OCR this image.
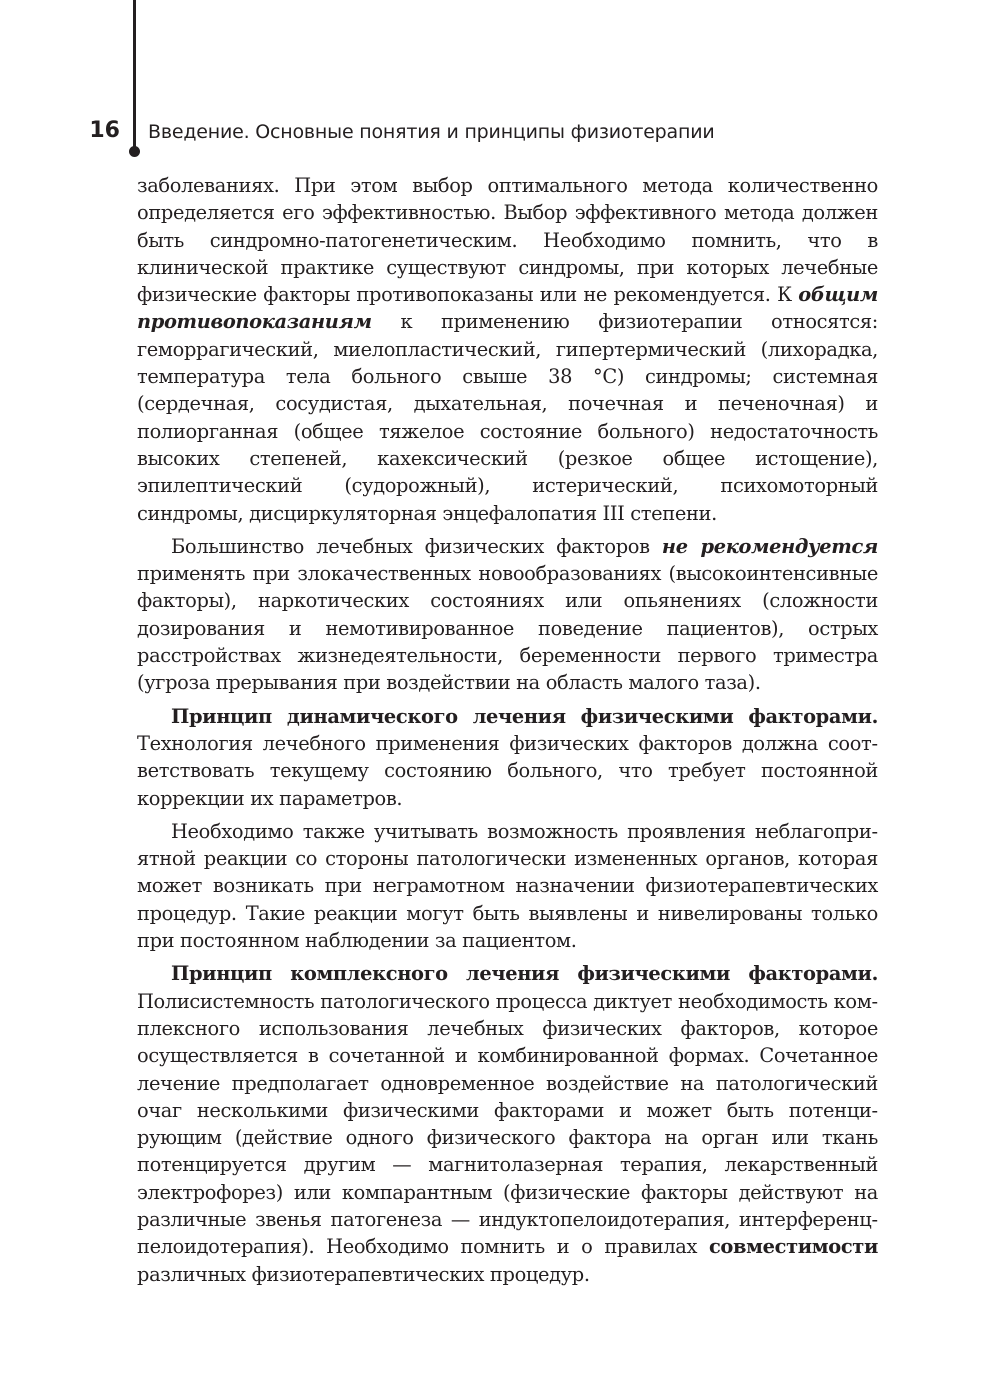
16 Введение. Основные понятия и принципы физиотерапии

заболеваниях. При этом выбор оптимального метода количественно определяется его эффективностью. Выбор эффективного метода должен быть синдромно-патогенетическим. Необходимо помнить, что в клинической практике существуют синдромы, при которых лечебные физические факторы противопоказаны или не рекомендуется. К общим противопоказаниям к применению физиотерапии относятся: геморрагический, миелопластический, гипертермический (лихорадка, температура тела больного свыше 38 °С) синдромы; системная (сердечная, сосудистая, дыхательная, почечная и печеночная) и полиорганная (общее тяжелое состояние больного) недостаточность высоких степеней, кахексический (резкое общее истощение), эпилептический (судорожный), истерический, психомоторный синдромы, дисциркуляторная энцефалопатия III степени.

Большинство лечебных физических факторов не рекомендуется применять при злокачественных новообразованиях (высокоинтенсивные факторы), наркотических состояниях или опьянениях (сложности дозирования и немотивированное поведение пациентов), острых расстройствах жизнедеятельности, беременности первого триместра (угроза прерывания при воздействии на область малого таза).

Принцип динамического лечения физическими факторами. Технология лечебного применения физических факторов должна соответствовать текущему состоянию больного, что требует постоянной коррекции их параметров.

Необходимо также учитывать возможность проявления неблагоприятной реакции со стороны патологически измененных органов, которая может возникать при неграмотном назначении физиотерапевтических процедур. Такие реакции могут быть выявлены и нивелированы только при постоянном наблюдении за пациентом.

Принцип комплексного лечения физическими факторами. Полисистемность патологического процесса диктует необходимость комплексного использования лечебных физических факторов, которое осуществляется в сочетанной и комбинированной формах. Сочетанное лечение предполагает одновременное воздействие на патологический очаг несколькими физическими факторами и может быть потенцирующим (действие одного физического фактора на орган или ткань потенцируется другим — магнитолазерная терапия, лекарственный электрофорез) или компарантным (физические факторы действуют на различные звенья патогенеза — индуктопелоидотерапия, интерференцпелоидотерапия). Необходимо помнить и о правилах совместимости различных физиотерапевтических процедур.
